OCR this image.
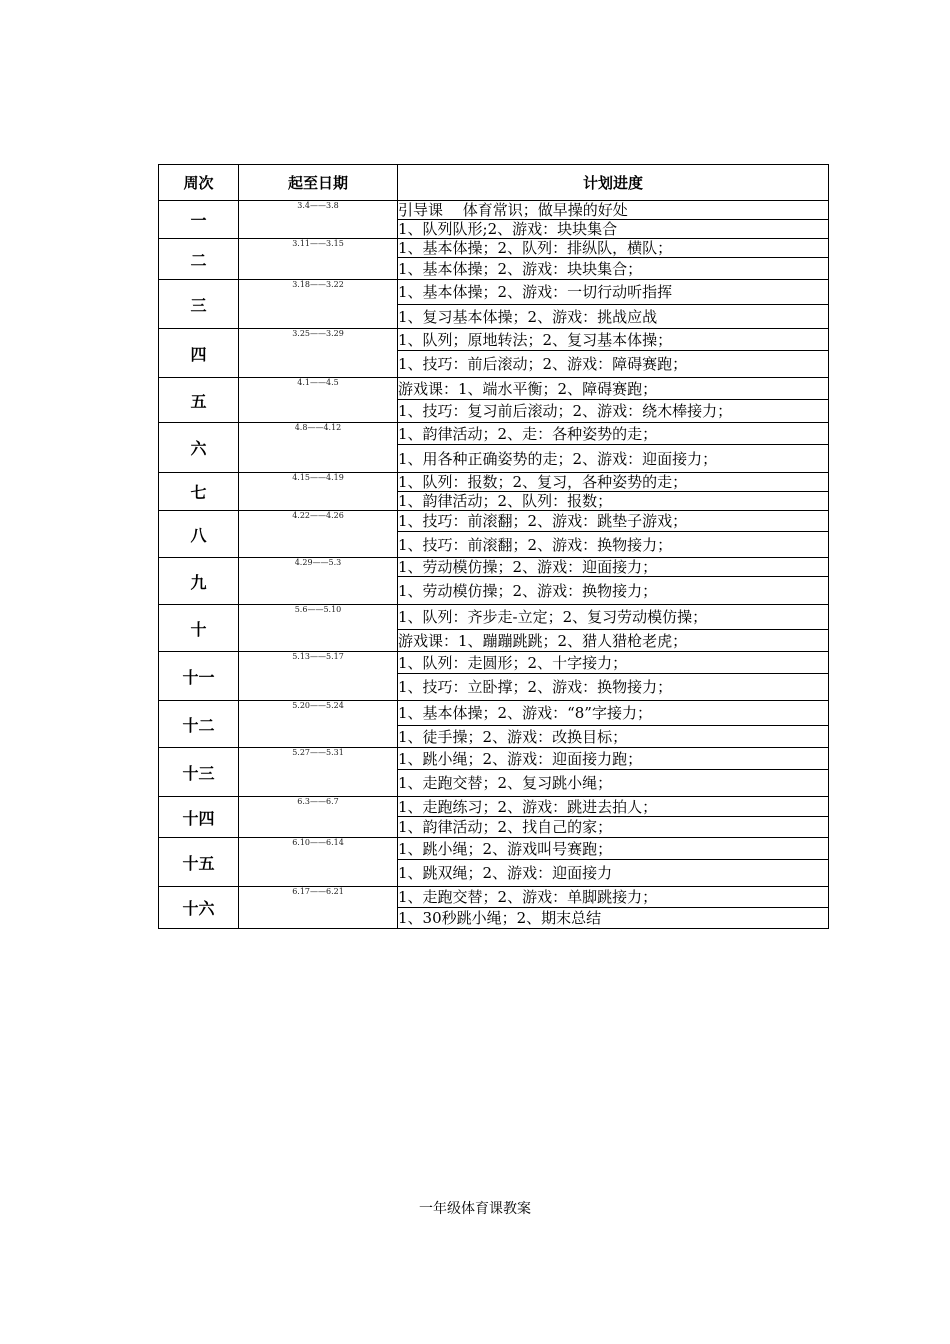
周次	起至日期	计划进度
一	3.4——3.8	引导课　 体育常识；做早操的好处
		1、队列队形;2、游戏：块块集合
二	3.11——3.15	1、基本体操；2、队列：排纵队，横队；
		1、基本体操；2、游戏：块块集合；
三	3.18——3.22	1、基本体操；2、游戏：一切行动听指挥
		1、复习基本体操；2、游戏：挑战应战
四	3.25——3.29	1、队列；原地转法；2、复习基本体操；
		1、技巧：前后滚动；2、游戏：障碍赛跑；
五	4.1——4.5	游戏课：1、端水平衡；2、障碍赛跑；
		1、技巧：复习前后滚动；2、游戏：绕木棒接力；
六	4.8——4.12	1、韵律活动；2、走：各种姿势的走；
		1、用各种正确姿势的走；2、游戏：迎面接力；
七	4.15——4.19	1、队列：报数；2、复习，各种姿势的走；
		1、韵律活动；2、队列：报数；
八	4.22——4.26	1、技巧：前滚翻；2、游戏：跳垫子游戏；
		1、技巧：前滚翻；2、游戏：换物接力；
九	4.29——5.3	1、劳动模仿操；2、游戏：迎面接力；
		1、劳动模仿操；2、游戏：换物接力；
十	5.6——5.10	1、队列：齐步走-立定；2、复习劳动模仿操；
		游戏课：1、蹦蹦跳跳；2、猎人猎枪老虎；
十一	5.13——5.17	1、队列：走圆形；2、十字接力；
		1、技巧：立卧撑；2、游戏：换物接力；
十二	5.20——5.24	1、基本体操；2、游戏：“8”字接力；
		1、徒手操；2、游戏：改换目标；
十三	5.27——5.31	1、跳小绳；2、游戏：迎面接力跑；
		1、走跑交替；2、复习跳小绳；
十四	6.3——6.7	1、走跑练习；2、游戏：跳进去拍人；
		1、韵律活动；2、找自己的家；
十五	6.10——6.14	1、跳小绳；2、游戏叫号赛跑；
		1、跳双绳；2、游戏：迎面接力
十六	6.17——6.21	1、走跑交替；2、游戏：单脚跳接力；
		1、30秒跳小绳；2、期末总结
一年级体育课教案
